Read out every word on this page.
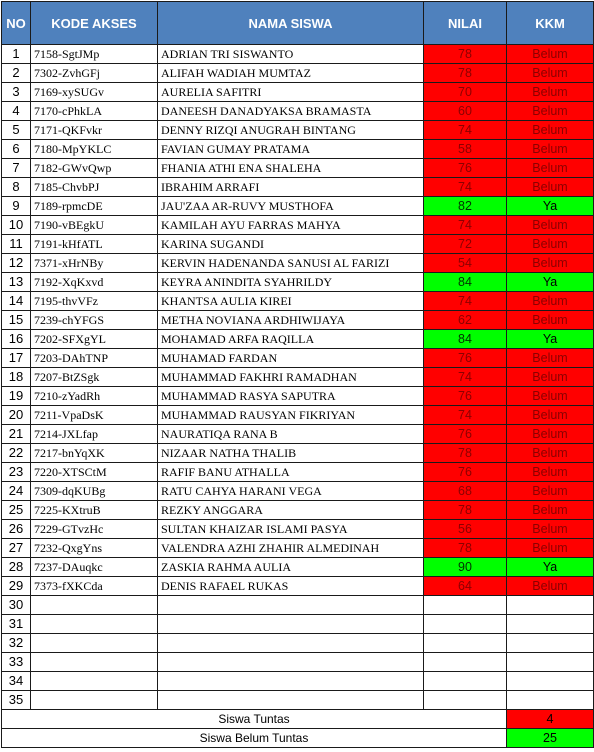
NO	KODE AKSES	NAMA SISWA	NILAI	KKM
1	7158-SgtJMp	ADRIAN TRI SISWANTO	78	Belum
2	7302-ZvhGFj	ALIFAH WADIAH MUMTAZ	78	Belum
3	7169-xySUGv	AURELIA SAFITRI	70	Belum
4	7170-cPhkLA	DANEESH DANADYAKSA BRAMASTA	60	Belum
5	7171-QKFvkr	DENNY RIZQI ANUGRAH BINTANG	74	Belum
6	7180-MpYKLC	FAVIAN GUMAY PRATAMA	58	Belum
7	7182-GWvQwp	FHANIA ATHI ENA SHALEHA	76	Belum
8	7185-ChvbPJ	IBRAHIM ARRAFI	74	Belum
9	7189-rpmcDE	JAU'ZAA AR-RUVY MUSTHOFA	82	Ya
10	7190-vBEgkU	KAMILAH AYU FARRAS MAHYA	74	Belum
11	7191-kHfATL	KARINA SUGANDI	72	Belum
12	7371-xHrNBy	KERVIN HADENANDA SANUSI AL FARIZI	54	Belum
13	7192-XqKxvd	KEYRA ANINDITA SYAHRILDY	84	Ya
14	7195-thvVFz	KHANTSA AULIA KIREI	74	Belum
15	7239-chYFGS	METHA NOVIANA ARDHIWIJAYA	62	Belum
16	7202-SFXgYL	MOHAMAD ARFA RAQILLA	84	Ya
17	7203-DAhTNP	MUHAMAD FARDAN	76	Belum
18	7207-BtZSgk	MUHAMMAD FAKHRI RAMADHAN	74	Belum
19	7210-zYadRh	MUHAMMAD RASYA SAPUTRA	76	Belum
20	7211-VpaDsK	MUHAMMAD RAUSYAN FIKRIYAN	74	Belum
21	7214-JXLfap	NAURATIQA RANA B	76	Belum
22	7217-bnYqXK	NIZAAR NATHA THALIB	78	Belum
23	7220-XTSCtM	RAFIF BANU ATHALLA	76	Belum
24	7309-dqKUBg	RATU CAHYA HARANI VEGA	68	Belum
25	7225-KXtruB	REZKY ANGGARA	78	Belum
26	7229-GTvzHc	SULTAN KHAIZAR ISLAMI PASYA	56	Belum
27	7232-QxgYns	VALENDRA AZHI ZHAHIR ALMEDINAH	78	Belum
28	7237-DAuqkc	ZASKIA RAHMA AULIA	90	Ya
29	7373-fXKCda	DENIS RAFAEL RUKAS	64	Belum
30				
31				
32				
33				
34				
35				
Siswa Tuntas				4
Siswa Belum Tuntas				25
